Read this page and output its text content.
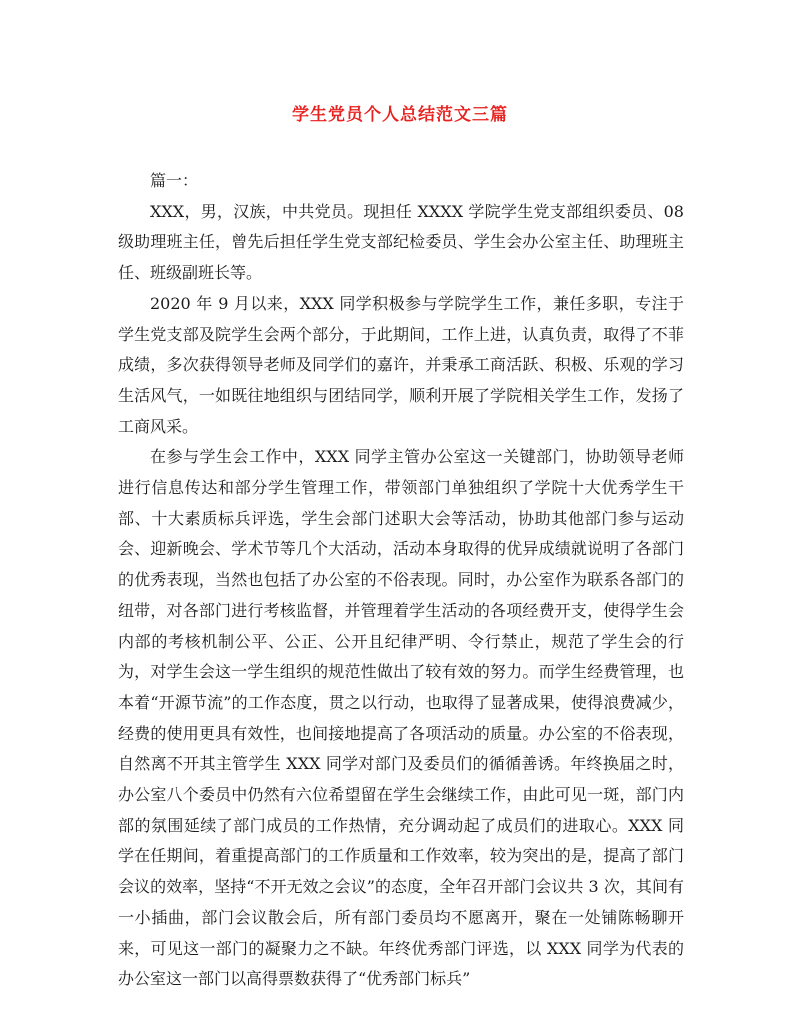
学生党员个人总结范文三篇

篇一：

XXX，男，汉族，中共党员。现担任 XXXX 学院学生党支部组织委员、08 级助理班主任，曾先后担任学生党支部纪检委员、学生会办公室主任、助理班主任、班级副班长等。

2020 年 9 月以来，XXX 同学积极参与学院学生工作，兼任多职，专注于学生党支部及院学生会两个部分，于此期间，工作上进，认真负责，取得了不菲成绩，多次获得领导老师及同学们的嘉许，并秉承工商活跃、积极、乐观的学习生活风气，一如既往地组织与团结同学，顺利开展了学院相关学生工作，发扬了工商风采。

在参与学生会工作中，XXX 同学主管办公室这一关键部门，协助领导老师进行信息传达和部分学生管理工作，带领部门单独组织了学院十大优秀学生干部、十大素质标兵评选，学生会部门述职大会等活动，协助其他部门参与运动会、迎新晚会、学术节等几个大活动，活动本身取得的优异成绩就说明了各部门的优秀表现，当然也包括了办公室的不俗表现。同时，办公室作为联系各部门的纽带，对各部门进行考核监督，并管理着学生活动的各项经费开支，使得学生会内部的考核机制公平、公正、公开且纪律严明、令行禁止，规范了学生会的行为，对学生会这一学生组织的规范性做出了较有效的努力。而学生经费管理，也本着“开源节流”的工作态度，贯之以行动，也取得了显著成果，使得浪费减少，经费的使用更具有效性，也间接地提高了各项活动的质量。办公室的不俗表现，自然离不开其主管学生 XXX 同学对部门及委员们的循循善诱。年终换届之时，办公室八个委员中仍然有六位希望留在学生会继续工作，由此可见一斑，部门内部的氛围延续了部门成员的工作热情，充分调动起了成员们的进取心。XXX 同学在任期间，着重提高部门的工作质量和工作效率，较为突出的是，提高了部门会议的效率，坚持“不开无效之会议”的态度，全年召开部门会议共 3 次，其间有一小插曲，部门会议散会后，所有部门委员均不愿离开，聚在一处铺陈畅聊开来，可见这一部门的凝聚力之不缺。年终优秀部门评选，以 XXX 同学为代表的办公室这一部门以高得票数获得了“优秀部门标兵”
